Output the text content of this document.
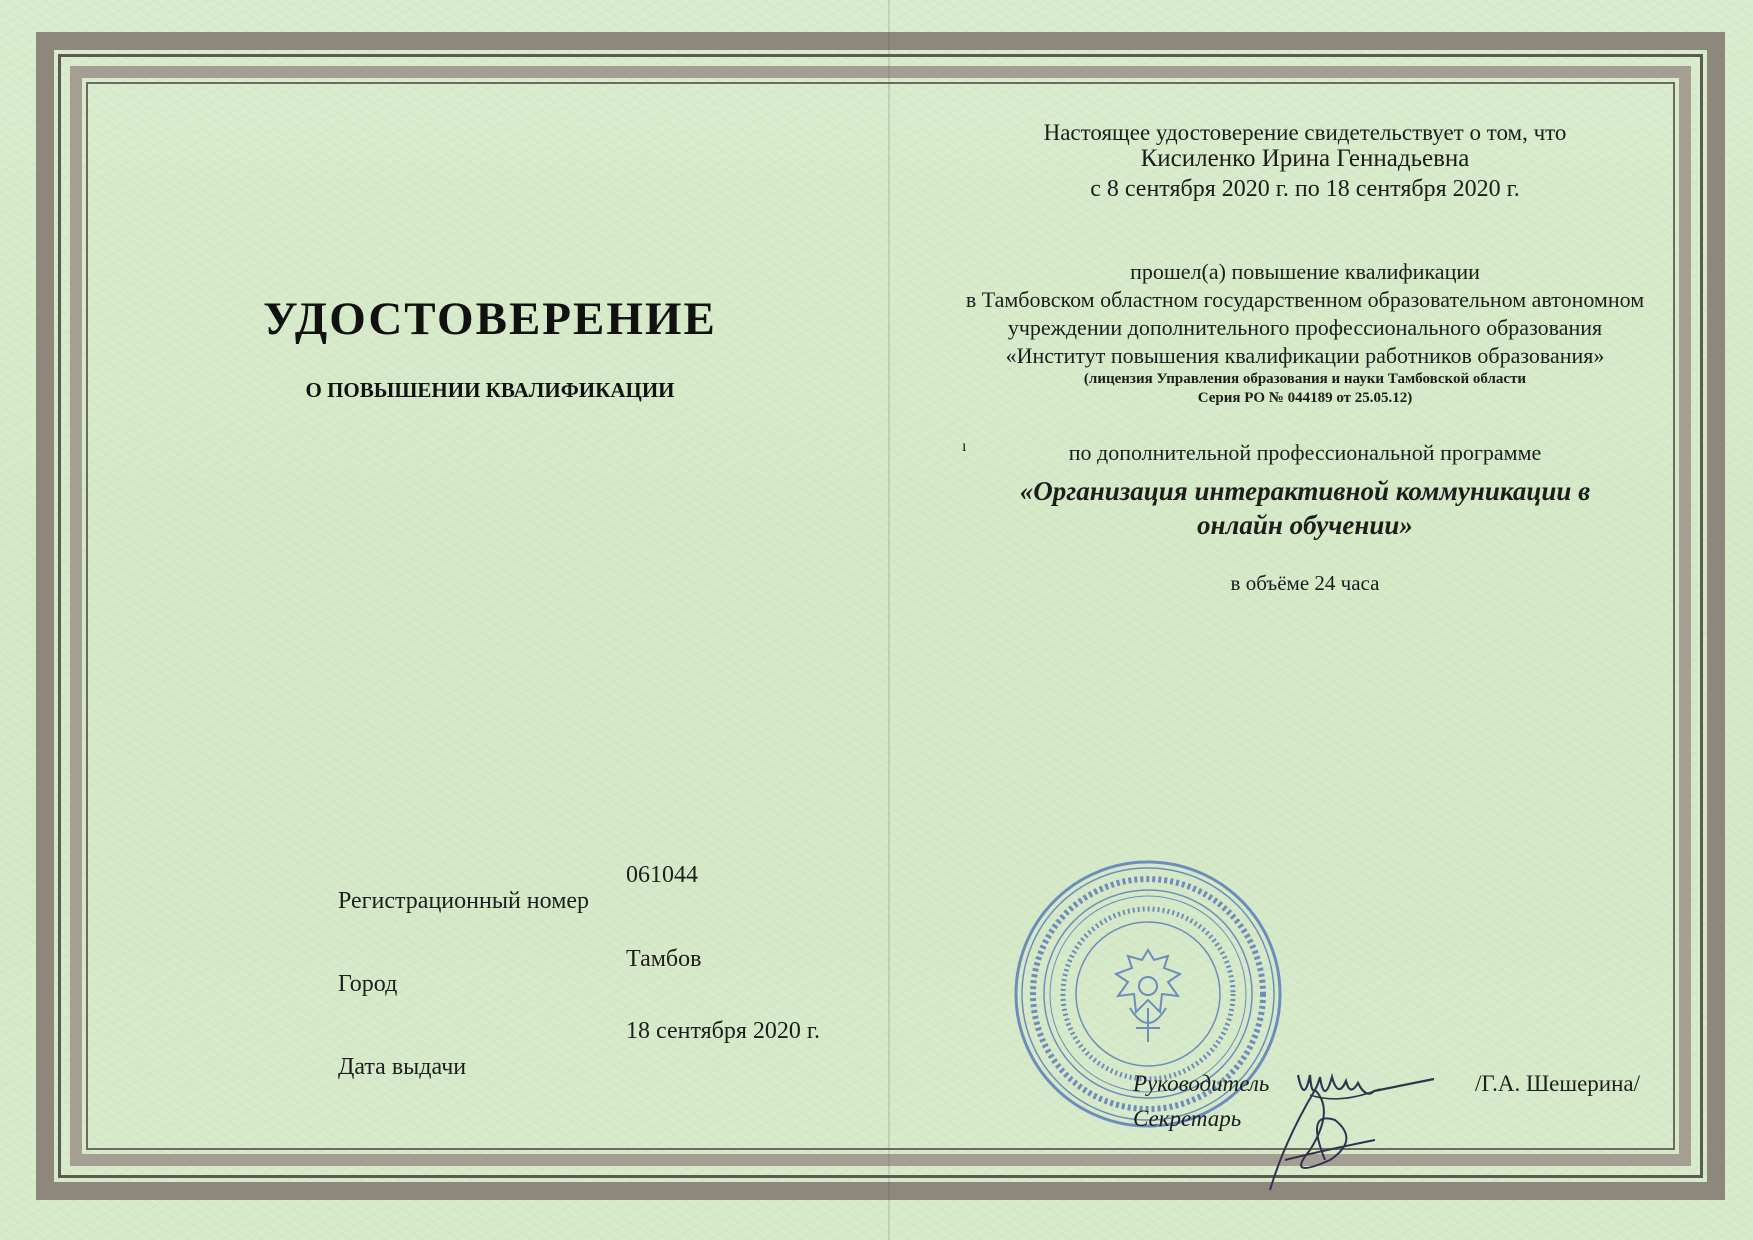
УДОСТОВЕРЕНИЕ
О ПОВЫШЕНИИ КВАЛИФИКАЦИИ
061044
Регистрационный номер
Тамбов
Город
18 сентября 2020 г.
Дата выдачи
Настоящее удостоверение свидетельствует о том, что
Кисиленко Ирина Геннадьевна
с 8 сентября 2020 г. по 18 сентября 2020 г.
прошел(а) повышение квалификации
в Тамбовском областном государственном образовательном автономном
учреждении дополнительного профессионального образования
«Институт повышения квалификации работников образования»
(лицензия Управления образования и науки Тамбовской области
Серия РО № 044189 от 25.05.12)
ı	по дополнительной профессиональной программе
«Организация интерактивной коммуникации в
онлайн обучении»
в объёме 24 часа
Руководитель	/Г.А. Шешерина/
Секретарь
